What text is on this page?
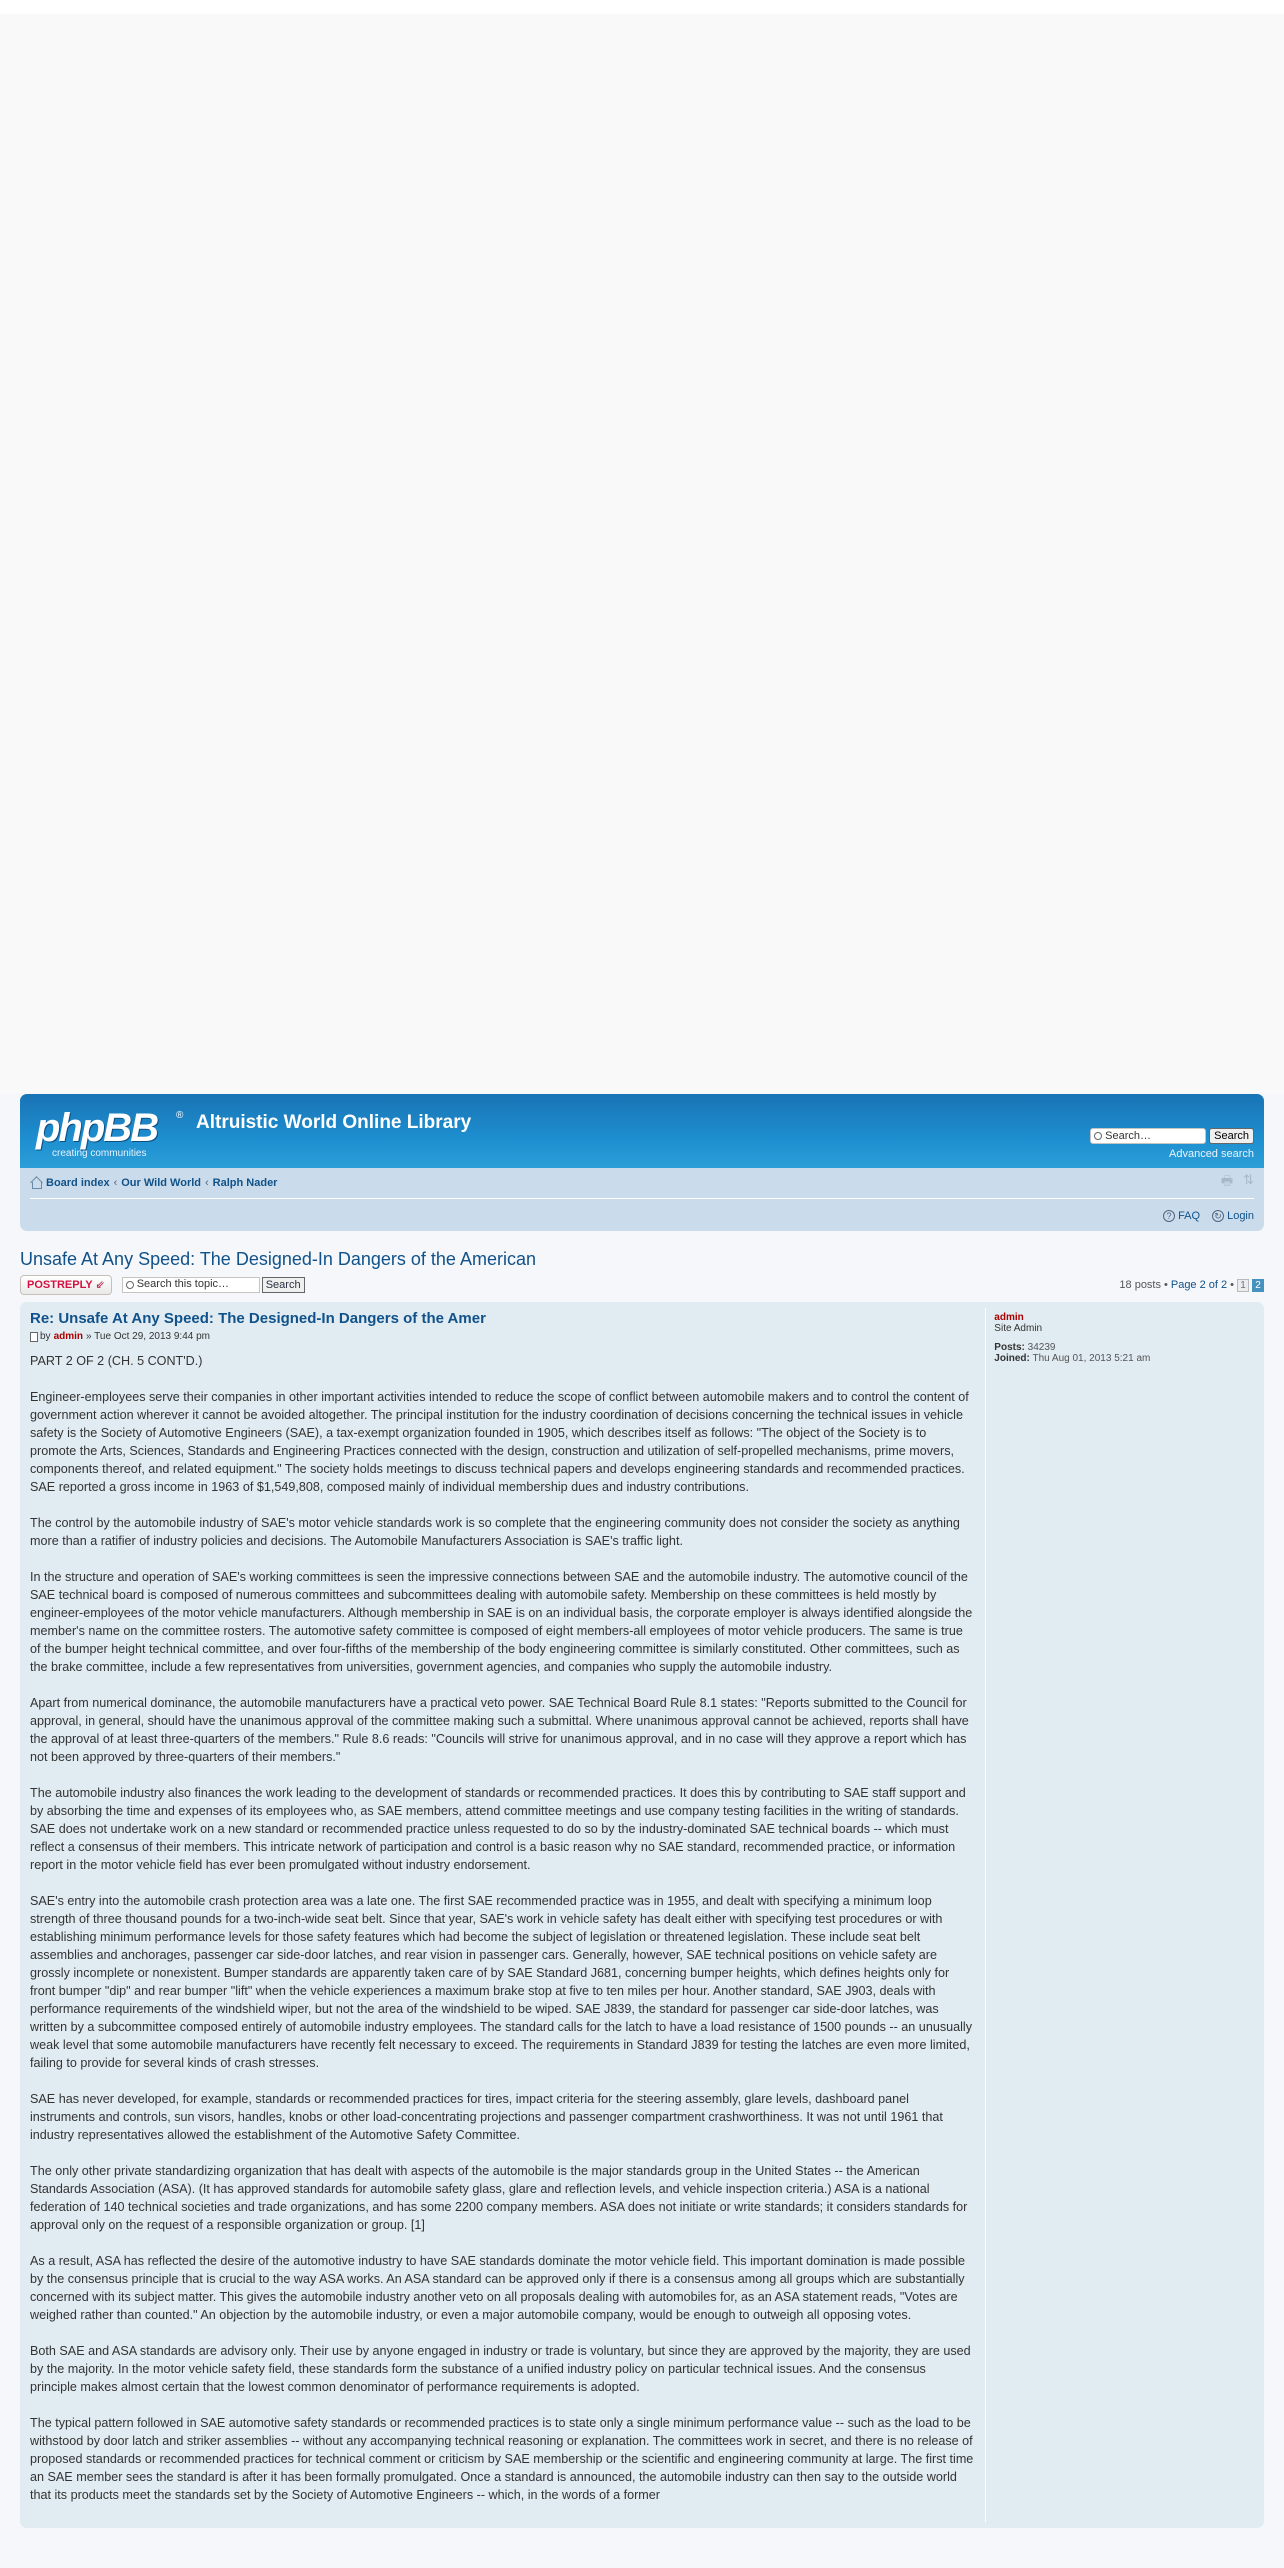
phpBB ®
creating communities
Altruistic World Online Library
Search…	Search
Advanced search
Board index ‹ Our Wild World ‹ Ralph Nader	🖶 ⇅
? FAQ ↻ Login
Unsafe At Any Speed: The Designed-In Dangers of the American
POSTREPLY ⇙	Search this topic…	Search	18 posts • Page 2 of 2 • 1 2
Re: Unsafe At Any Speed: The Designed-In Dangers of the Amer
by admin » Tue Oct 29, 2013 9:44 pm

PART 2 OF 2 (CH. 5 CONT'D.)

Engineer-employees serve their companies in other important activities intended to reduce the scope of conflict between automobile makers and to control the content of government action wherever it cannot be avoided altogether. The principal institution for the industry coordination of decisions concerning the technical issues in vehicle safety is the Society of Automotive Engineers (SAE), a tax-exempt organization founded in 1905, which describes itself as follows: "The object of the Society is to promote the Arts, Sciences, Standards and Engineering Practices connected with the design, construction and utilization of self-propelled mechanisms, prime movers, components thereof, and related equipment." The society holds meetings to discuss technical papers and develops engineering standards and recommended practices. SAE reported a gross income in 1963 of $1,549,808, composed mainly of individual membership dues and industry contributions.

The control by the automobile industry of SAE's motor vehicle standards work is so complete that the engineering community does not consider the society as anything more than a ratifier of industry policies and decisions. The Automobile Manufacturers Association is SAE's traffic light.

In the structure and operation of SAE's working committees is seen the impressive connections between SAE and the automobile industry. The automotive council of the SAE technical board is composed of numerous committees and subcommittees dealing with automobile safety. Membership on these committees is held mostly by engineer-employees of the motor vehicle manufacturers. Although membership in SAE is on an individual basis, the corporate employer is always identified alongside the member's name on the committee rosters. The automotive safety committee is composed of eight members-all employees of motor vehicle producers. The same is true of the bumper height technical committee, and over four-fifths of the membership of the body engineering committee is similarly constituted. Other committees, such as the brake committee, include a few representatives from universities, government agencies, and companies who supply the automobile industry.

Apart from numerical dominance, the automobile manufacturers have a practical veto power. SAE Technical Board Rule 8.1 states: "Reports submitted to the Council for approval, in general, should have the unanimous approval of the committee making such a submittal. Where unanimous approval cannot be achieved, reports shall have the approval of at least three-quarters of the members." Rule 8.6 reads: "Councils will strive for unanimous approval, and in no case will they approve a report which has not been approved by three-quarters of their members."

The automobile industry also finances the work leading to the development of standards or recommended practices. It does this by contributing to SAE staff support and by absorbing the time and expenses of its employees who, as SAE members, attend committee meetings and use company testing facilities in the writing of standards. SAE does not undertake work on a new standard or recommended practice unless requested to do so by the industry-dominated SAE technical boards -- which must reflect a consensus of their members. This intricate network of participation and control is a basic reason why no SAE standard, recommended practice, or information report in the motor vehicle field has ever been promulgated without industry endorsement.

SAE's entry into the automobile crash protection area was a late one. The first SAE recommended practice was in 1955, and dealt with specifying a minimum loop strength of three thousand pounds for a two-inch-wide seat belt. Since that year, SAE's work in vehicle safety has dealt either with specifying test procedures or with establishing minimum performance levels for those safety features which had become the subject of legislation or threatened legislation. These include seat belt assemblies and anchorages, passenger car side-door latches, and rear vision in passenger cars. Generally, however, SAE technical positions on vehicle safety are grossly incomplete or nonexistent. Bumper standards are apparently taken care of by SAE Standard J681, concerning bumper heights, which defines heights only for front bumper "dip" and rear bumper "lift" when the vehicle experiences a maximum brake stop at five to ten miles per hour. Another standard, SAE J903, deals with performance requirements of the windshield wiper, but not the area of the windshield to be wiped. SAE J839, the standard for passenger car side-door latches, was written by a subcommittee composed entirely of automobile industry employees. The standard calls for the latch to have a load resistance of 1500 pounds -- an unusually weak level that some automobile manufacturers have recently felt necessary to exceed. The requirements in Standard J839 for testing the latches are even more limited, failing to provide for several kinds of crash stresses.

SAE has never developed, for example, standards or recommended practices for tires, impact criteria for the steering assembly, glare levels, dashboard panel instruments and controls, sun visors, handles, knobs or other load-concentrating projections and passenger compartment crashworthiness. It was not until 1961 that industry representatives allowed the establishment of the Automotive Safety Committee.

The only other private standardizing organization that has dealt with aspects of the automobile is the major standards group in the United States -- the American Standards Association (ASA). (It has approved standards for automobile safety glass, glare and reflection levels, and vehicle inspection criteria.) ASA is a national federation of 140 technical societies and trade organizations, and has some 2200 company members. ASA does not initiate or write standards; it considers standards for approval only on the request of a responsible organization or group. [1]

As a result, ASA has reflected the desire of the automotive industry to have SAE standards dominate the motor vehicle field. This important domination is made possible by the consensus principle that is crucial to the way ASA works. An ASA standard can be approved only if there is a consensus among all groups which are substantially concerned with its subject matter. This gives the automobile industry another veto on all proposals dealing with automobiles for, as an ASA statement reads, "Votes are weighed rather than counted." An objection by the automobile industry, or even a major automobile company, would be enough to outweigh all opposing votes.

Both SAE and ASA standards are advisory only. Their use by anyone engaged in industry or trade is voluntary, but since they are approved by the majority, they are used by the majority. In the motor vehicle safety field, these standards form the substance of a unified industry policy on particular technical issues. And the consensus principle makes almost certain that the lowest common denominator of performance requirements is adopted.

The typical pattern followed in SAE automotive safety standards or recommended practices is to state only a single minimum performance value -- such as the load to be withstood by door latch and striker assemblies -- without any accompanying technical reasoning or explanation. The committees work in secret, and there is no release of proposed standards or recommended practices for technical comment or criticism by SAE membership or the scientific and engineering community at large. The first time an SAE member sees the standard is after it has been formally promulgated. Once a standard is announced, the automobile industry can then say to the outside world that its products meet the standards set by the Society of Automotive Engineers -- which, in the words of a former

admin
Site Admin
Posts: 34239
Joined: Thu Aug 01, 2013 5:21 am
